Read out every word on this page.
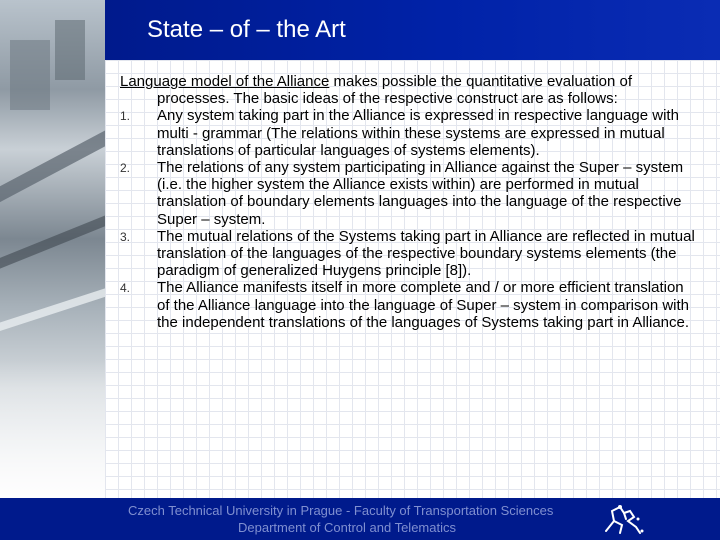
State – of – the Art

Language model of the Alliance makes possible the quantitative evaluation of processes. The basic ideas of the respective construct are as follows:

1. Any system taking part in the Alliance is expressed in respective language with multi - grammar (The relations within these systems are expressed in mutual translations of particular languages of systems elements).
2. The relations of any system participating in Alliance against the Super – system (i.e. the higher system the Alliance exists within) are performed in mutual translation of boundary elements languages into the language of the respective Super – system.
3. The mutual relations of the Systems taking part in Alliance are reflected in mutual translation of the languages of the respective boundary systems elements (the paradigm of generalized Huygens principle [8]).
4. The Alliance manifests itself in more complete and / or more efficient translation of the Alliance language into the language of Super – system in comparison with the independent translations of the languages of Systems taking part in Alliance.
Czech Technical University in Prague - Faculty of Transportation Sciences
Department of Control and Telematics
